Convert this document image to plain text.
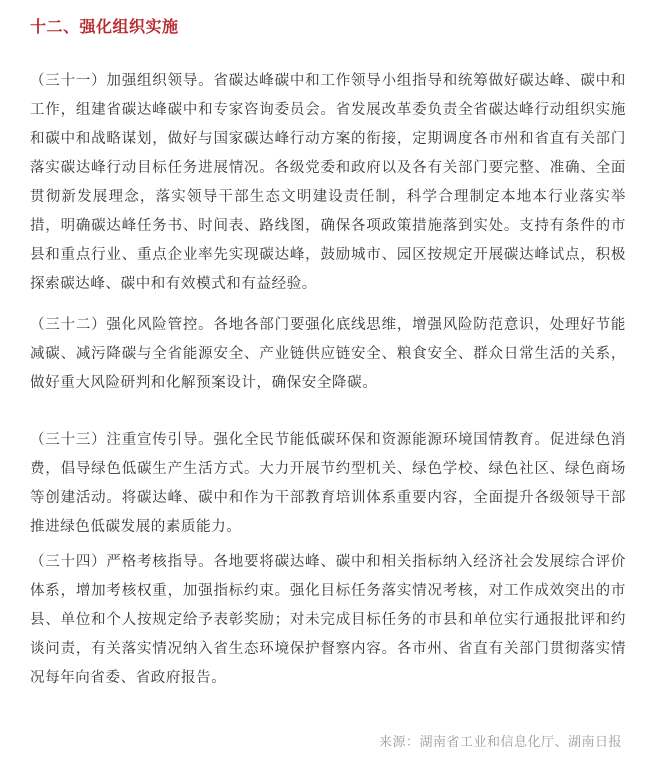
十二、强化组织实施

（三十一）加强组织领导。省碳达峰碳中和工作领导小组指导和统筹做好碳达峰、碳中和工作，组建省碳达峰碳中和专家咨询委员会。省发展改革委负责全省碳达峰行动组织实施和碳中和战略谋划，做好与国家碳达峰行动方案的衔接，定期调度各市州和省直有关部门落实碳达峰行动目标任务进展情况。各级党委和政府以及各有关部门要完整、准确、全面贯彻新发展理念，落实领导干部生态文明建设责任制，科学合理制定本地本行业落实举措，明确碳达峰任务书、时间表、路线图，确保各项政策措施落到实处。支持有条件的市县和重点行业、重点企业率先实现碳达峰，鼓励城市、园区按规定开展碳达峰试点，积极探索碳达峰、碳中和有效模式和有益经验。

（三十二）强化风险管控。各地各部门要强化底线思维，增强风险防范意识，处理好节能减碳、减污降碳与全省能源安全、产业链供应链安全、粮食安全、群众日常生活的关系，做好重大风险研判和化解预案设计，确保安全降碳。

（三十三）注重宣传引导。强化全民节能低碳环保和资源能源环境国情教育。促进绿色消费，倡导绿色低碳生产生活方式。大力开展节约型机关、绿色学校、绿色社区、绿色商场等创建活动。将碳达峰、碳中和作为干部教育培训体系重要内容，全面提升各级领导干部推进绿色低碳发展的素质能力。

（三十四）严格考核指导。各地要将碳达峰、碳中和相关指标纳入经济社会发展综合评价体系，增加考核权重，加强指标约束。强化目标任务落实情况考核，对工作成效突出的市县、单位和个人按规定给予表彰奖励；对未完成目标任务的市县和单位实行通报批评和约谈问责，有关落实情况纳入省生态环境保护督察内容。各市州、省直有关部门贯彻落实情况每年向省委、省政府报告。

来源：湖南省工业和信息化厅、湖南日报
